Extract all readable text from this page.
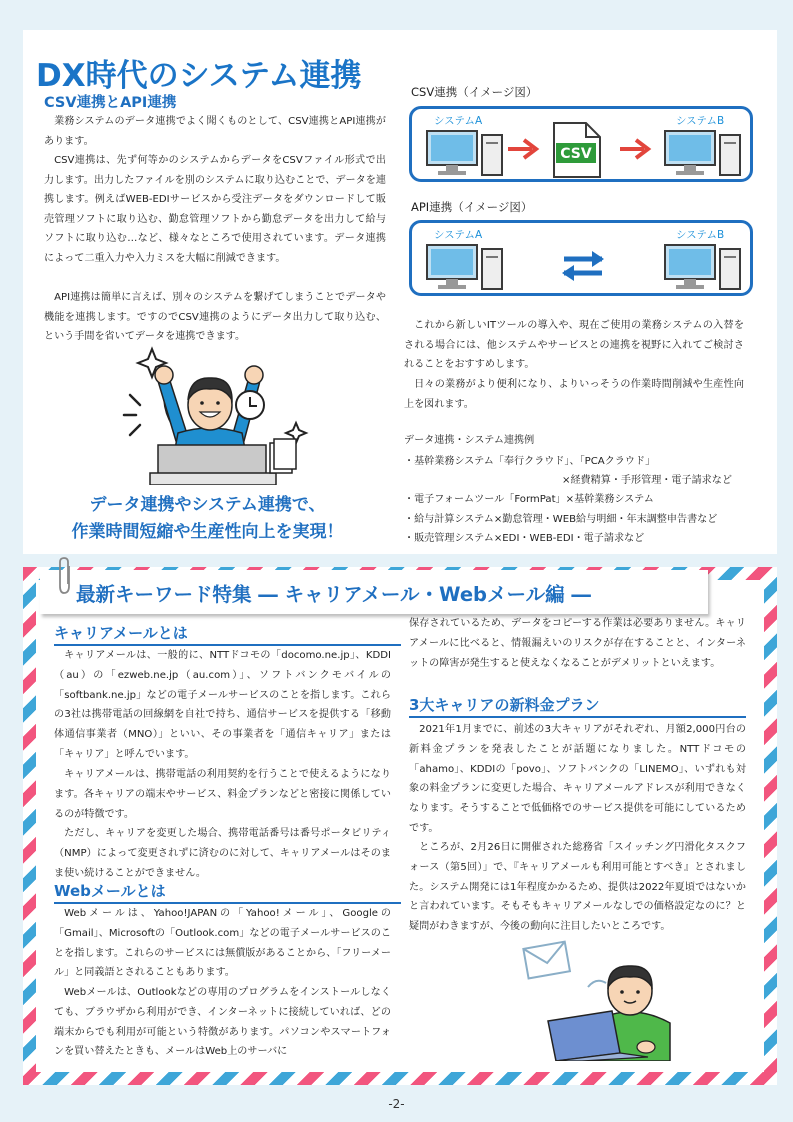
DX時代のシステム連携
CSV連携とAPI連携

業務システムのデータ連携でよく聞くものとして、CSV連携とAPI連携があります。

CSV連携は、先ず何等かのシステムからデータをCSVファイル形式で出力します。出力したファイルを別のシステムに取り込むことで、データを連携します。例えばWEB-EDIサービスから受注データをダウンロードして販売管理ソフトに取り込む、勤怠管理ソフトから勤怠データを出力して給与ソフトに取り込む…など、様々なところで使用されています。データ連携によって二重入力や入力ミスを大幅に削減できます。

API連携は簡単に言えば、別々のシステムを繋げてしまうことでデータや機能を連携します。ですのでCSV連携のようにデータ出力して取り込む、という手間を省いてデータを連携できます。

データ連携やシステム連携で、
作業時間短縮や生産性向上を実現！
CSV連携（イメージ図）
システムA	システムB
CSV
API連携（イメージ図）
システムA	システムB

これから新しいITツールの導入や、現在ご使用の業務システムの入替をされる場合には、他システムやサービスとの連携を視野に入れてご検討されることをおすすめします。

日々の業務がより便利になり、よりいっそうの作業時間削減や生産性向上を図れます。

データ連携・システム連携例
・基幹業務システム「奉行クラウド」、「PCAクラウド」
×経費精算・手形管理・電子請求など
・電子フォームツール「FormPat」×基幹業務システム
・給与計算システム×勤怠管理・WEB給与明細・年末調整申告書など
・販売管理システム×EDI・WEB-EDI・電子請求など
最新キーワード特集 ― キャリアメール・Webメール編 ―
キャリアメールとは

キャリアメールは、一般的に、NTTドコモの「docomo.ne.jp」、KDDI（au）の「ezweb.ne.jp（au.com）」、ソフトバンクモバイルの「softbank.ne.jp」などの電子メールサービスのことを指します。これらの3社は携帯電話の回線網を自社で持ち、通信サービスを提供する「移動体通信事業者（MNO）」といい、その事業者を「通信キャリア」または「キャリア」と呼んでいます。

キャリアメールは、携帯電話の利用契約を行うことで使えるようになります。各キャリアの端末やサービス、料金プランなどと密接に関係しているのが特徴です。

ただし、キャリアを変更した場合、携帯電話番号は番号ポータビリティ（NMP）によって変更されずに済むのに対して、キャリアメールはそのまま使い続けることができません。

Webメールとは

Webメールは、Yahoo!JAPANの「Yahoo!メール」、Googleの「Gmail」、Microsoftの「Outlook.com」などの電子メールサービスのことを指します。これらのサービスには無償版があることから、「フリーメール」と同義語とされることもあります。

Webメールは、Outlookなどの専用のプログラムをインストールしなくても、ブラウザから利用ができ、インターネットに接続していれば、どの端末からでも利用が可能という特徴があります。パソコンやスマートフォンを買い替えたときも、メールはWeb上のサーバに

保存されているため、データをコピーする作業は必要ありません。キャリアメールに比べると、情報漏えいのリスクが存在することと、インターネットの障害が発生すると使えなくなることがデメリットといえます。

3大キャリアの新料金プラン

2021年1月までに、前述の3大キャリアがそれぞれ、月額2,000円台の新料金プランを発表したことが話題になりました。NTTドコモの「ahamo」、KDDIの「povo」、ソフトバンクの「LINEMO」、いずれも対象の料金プランに変更した場合、キャリアメールアドレスが利用できなくなります。そうすることで低価格でのサービス提供を可能にしているためです。

ところが、2月26日に開催された総務省「スイッチング円滑化タスクフォース（第5回）」で、『キャリアメールも利用可能とすべき』とされました。システム開発には1年程度かかるため、提供は2022年夏頃ではないかと言われています。そもそもキャリアメールなしでの価格設定なのに？と疑問がわきますが、今後の動向に注目したいところです。

-2-
